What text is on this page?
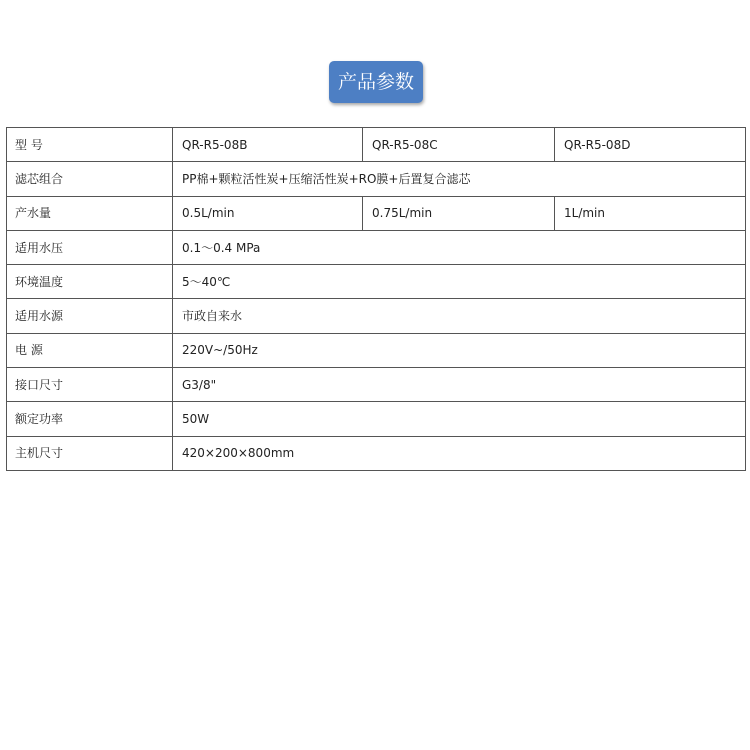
产品参数
型 号	QR-R5-08B	QR-R5-08C	QR-R5-08D
滤芯组合	PP棉+颗粒活性炭+压缩活性炭+RO膜+后置复合滤芯		
产水量	0.5L/min	0.75L/min	1L/min
适用水压	0.1～0.4 MPa		
环境温度	5～40℃		
适用水源	市政自来水		
电 源	220V~/50Hz		
接口尺寸	G3/8"		
额定功率	50W		
主机尺寸	420×200×800mm		
